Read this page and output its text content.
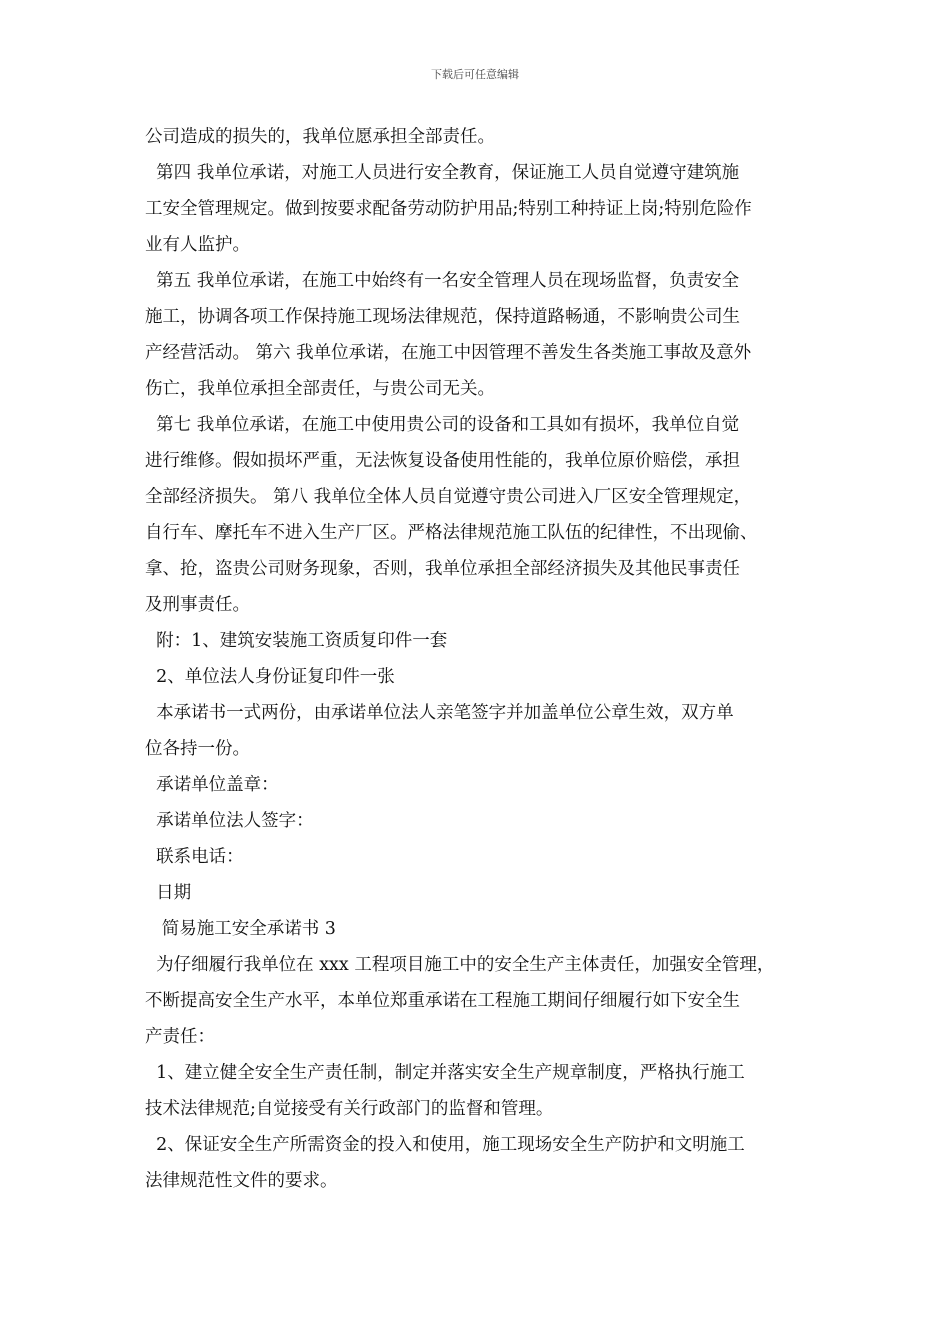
下载后可任意编辑
公司造成的损失的，我单位愿承担全部责任。
第四 我单位承诺，对施工人员进行安全教育，保证施工人员自觉遵守建筑施
工安全管理规定。做到按要求配备劳动防护用品;特别工种持证上岗;特别危险作
业有人监护。
第五 我单位承诺，在施工中始终有一名安全管理人员在现场监督，负责安全
施工，协调各项工作保持施工现场法律规范，保持道路畅通，不影响贵公司生
产经营活动。 第六 我单位承诺，在施工中因管理不善发生各类施工事故及意外
伤亡，我单位承担全部责任，与贵公司无关。
第七 我单位承诺，在施工中使用贵公司的设备和工具如有损坏，我单位自觉
进行维修。假如损坏严重，无法恢复设备使用性能的，我单位原价赔偿，承担
全部经济损失。 第八 我单位全体人员自觉遵守贵公司进入厂区安全管理规定，
自行车、摩托车不进入生产厂区。严格法律规范施工队伍的纪律性，不出现偷、
拿、抢，盗贵公司财务现象，否则，我单位承担全部经济损失及其他民事责任
及刑事责任。
附：1、建筑安装施工资质复印件一套
2、单位法人身份证复印件一张
本承诺书一式两份，由承诺单位法人亲笔签字并加盖单位公章生效，双方单
位各持一份。
承诺单位盖章：
承诺单位法人签字：
联系电话：
日期
简易施工安全承诺书 3
为仔细履行我单位在 xxx 工程项目施工中的安全生产主体责任，加强安全管理，
不断提高安全生产水平，本单位郑重承诺在工程施工期间仔细履行如下安全生
产责任：
1、建立健全安全生产责任制，制定并落实安全生产规章制度，严格执行施工
技术法律规范;自觉接受有关行政部门的监督和管理。
2、保证安全生产所需资金的投入和使用，施工现场安全生产防护和文明施工
法律规范性文件的要求。
